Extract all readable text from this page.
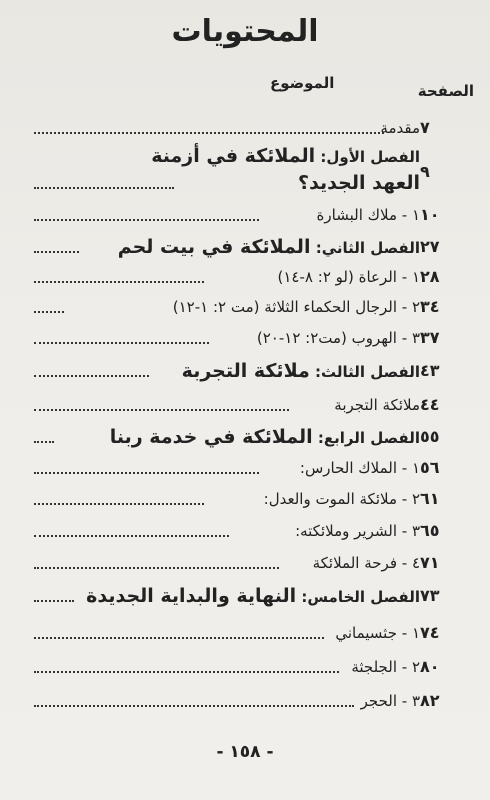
المحتويات
الموضوع	الصفحة
٧
مقدمة
٩
الفصل الأول: الملائكة في أزمنة
العهد الجديد؟
١٠
١ - ملاك البشارة
٢٧
الفصل الثاني: الملائكة في بيت لحم
٢٨
١ - الرعاة (لو ٢: ٨-١٤)
٣٤
٢ - الرجال الحكماء الثلاثة (مت ٢: ١-١٢)
٣٧
٣ - الهروب (مت٢: ١٢-٢٠)
٤٣
الفصل الثالث: ملائكة التجربة
٤٤
ملائكة التجربة
٥٥
الفصل الرابع: الملائكة في خدمة ربنا
٥٦
١ - الملاك الحارس:
٦١
٢ - ملائكة الموت والعدل:
٦٥
٣ - الشرير وملائكته:
٧١
٤ - فرحة الملائكة
٧٣
الفصل الخامس: النهاية والبداية الجديدة
٧٤
١ - جثسيماني
٨٠
٢ - الجلجثة
٨٢
٣ - الحجر
- ١٥٨ -
